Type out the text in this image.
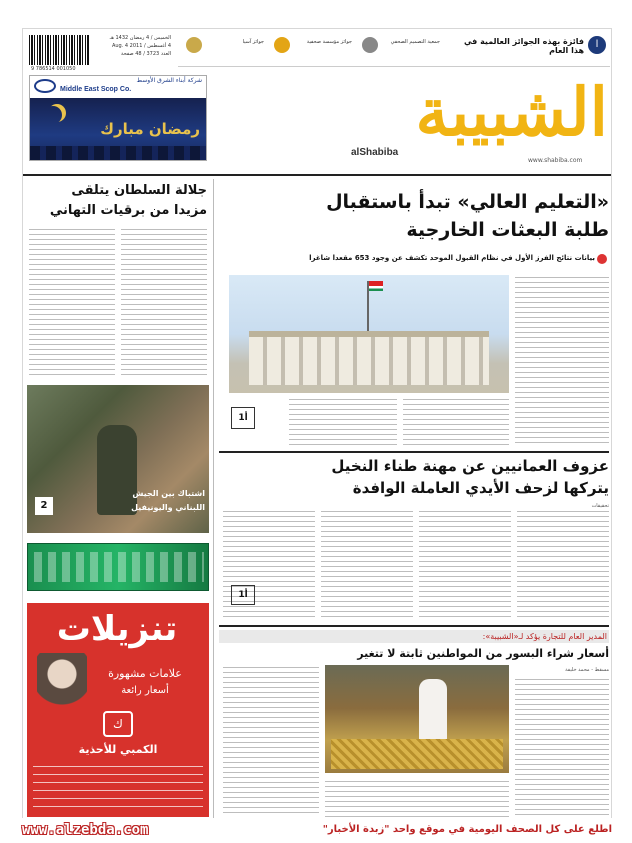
9 786514 001050
الخميس / 4 رمضان 1432 هـ
4 أغسطس / 2011 Aug. 4
العدد 3723 / 48 صفحة
جوائز آسيا	جوائز مؤسسة صحفية	جمعية التصميم الصحفي	فائزة بهذه الجوائز العالمية في هذا العام
ا
الشبيبة
alShabiba
www.shabiba.com
Middle East Scop Co.
شركة أبناء الشرق الأوسط
رمضان مبارك
جلالة السلطان يتلقى
مزيدا من برقيات التهاني
اشتباك بين الجيش
اللبناني واليونيفيل
2
تنزيلات
علامات مشهورة
أسعار رائعة
ك
الكمبي للأحذية
«التعليم العالي» تبدأ باستقبال
طلبة البعثات الخارجية
بيانات نتائج الفرز الأول في نظام القبول الموحد تكشف عن وجود 653 مقعدا شاغرا
أ1
عزوف العمانيين عن مهنة طناء النخيل
يتركها لزحف الأيدي العاملة الوافدة
تحقيقات
أ1
المدير العام للتجارة يؤكد لـ«الشبيبة»:
أسعار شراء البسور من المواطنين ثابتة لا تتغير
مسقط - محمد خليفة
www.alzebda.com	اطلع على كل الصحف اليومية في موقع واحد "زبدة الأخبار"
